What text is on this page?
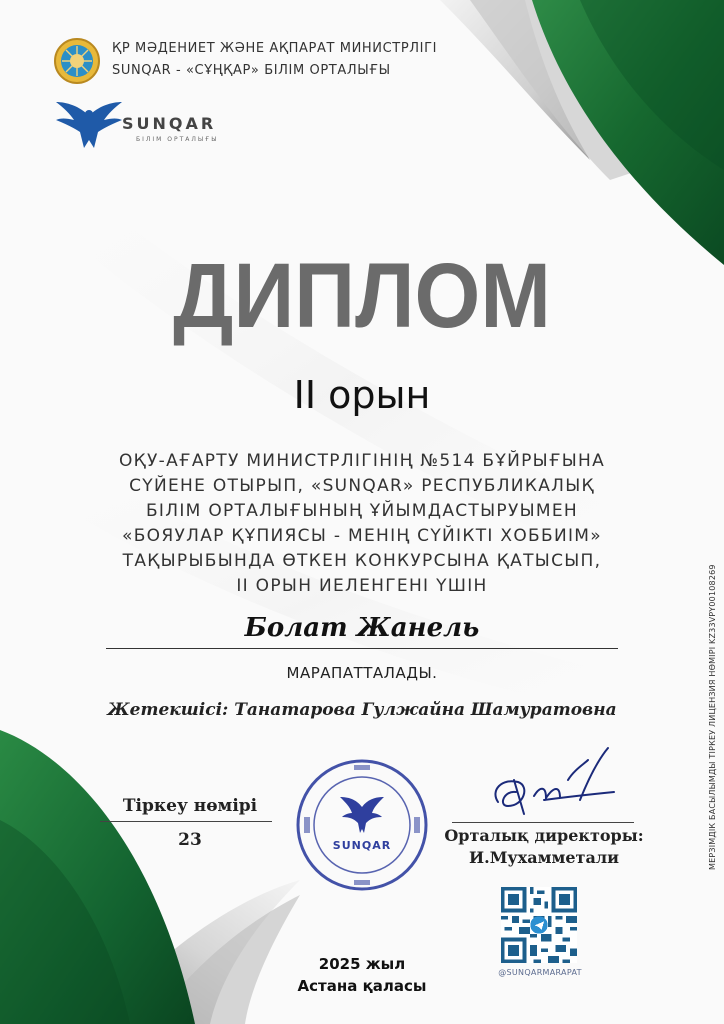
ҚР МӘДЕНИЕТ ЖӘНЕ АҚПАРАТ МИНИСТРЛІГІ
SUNQAR - «СҰҢҚАР» БІЛІМ ОРТАЛЫҒЫ
SUNQAR
БІЛІМ ОРТАЛЫҒЫ
ДИПЛОМ
II орын
ОҚУ-АҒАРТУ МИНИСТРЛІГІНІҢ №514 БҰЙРЫҒЫНА
СҮЙЕНЕ ОТЫРЫП, «SUNQAR» РЕСПУБЛИКАЛЫҚ
БІЛІМ ОРТАЛЫҒЫНЫҢ ҰЙЫМДАСТЫРУЫМЕН
«БОЯУЛАР ҚҰПИЯСЫ - МЕНІҢ СҮЙІКТІ ХОББИІМ»
ТАҚЫРЫБЫНДА ӨТКЕН КОНКУРСЫНА ҚАТЫСЫП,
II ОРЫН ИЕЛЕНГЕНІ ҮШІН
Болат Жанель
МАРАПАТТАЛАДЫ.
Жетекшісі: Танатарова Гулжайна Шамуратовна
Тіркеу нөмірі
23	SUNQAR
Орталық директоры:
И.Мухамметали
@SUNQARMARAPAT
2025 жыл
Астана қаласы
МЕРЗІМДІК БАСЫЛЫМДЫ ТІРКЕУ ЛИЦЕНЗИЯ НӨМІРІ KZ33VPY00108269
